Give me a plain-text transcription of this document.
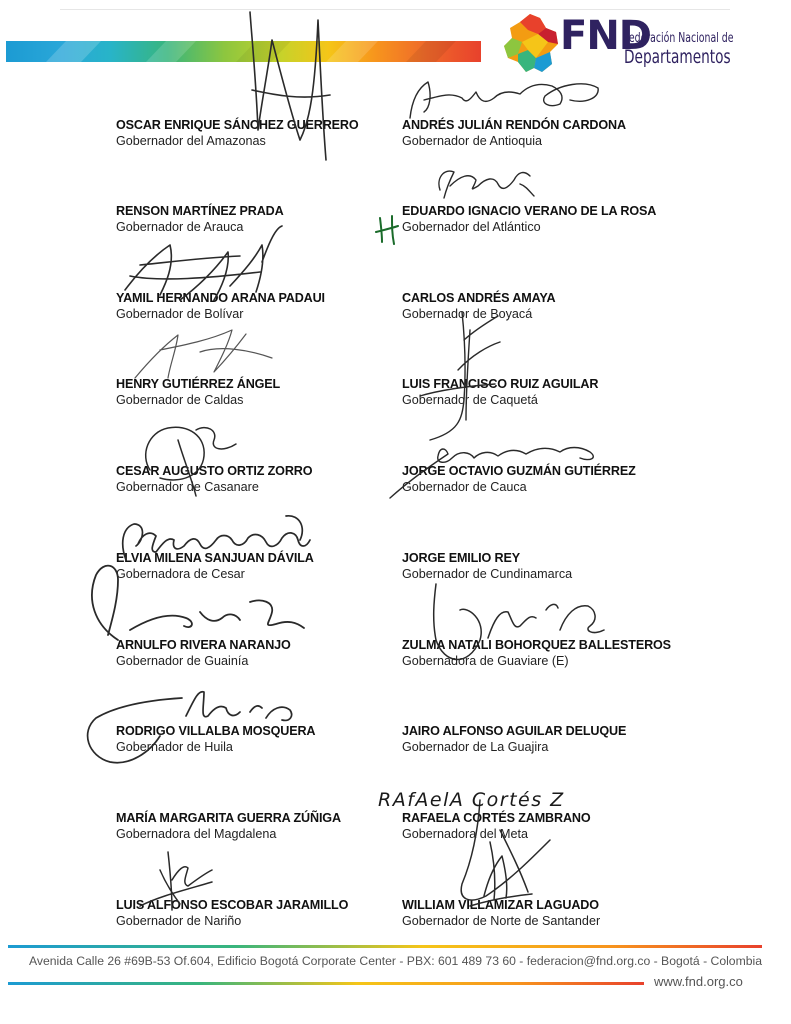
FND
Federación Nacional de
Departamentos
OSCAR ENRIQUE SÁNCHEZ GUERRERO
Gobernador del Amazonas
ANDRÉS JULIÁN RENDÓN CARDONA
Gobernador de Antioquia
RENSON MARTÍNEZ PRADA
Gobernador de Arauca
EDUARDO IGNACIO VERANO DE LA ROSA
Gobernador del Atlántico
YAMIL HERNANDO ARANA PADAUI
Gobernador de Bolívar
CARLOS ANDRÉS AMAYA
Gobernador de Boyacá
HENRY GUTIÉRREZ ÁNGEL
Gobernador de Caldas
LUIS FRANCISCO RUIZ AGUILAR
Gobernador de Caquetá
CESAR AUGUSTO ORTIZ ZORRO
Gobernador de Casanare
JORGE OCTAVIO GUZMÁN GUTIÉRREZ
Gobernador de Cauca
ELVIA MILENA SANJUAN DÁVILA
Gobernadora de Cesar
JORGE EMILIO REY
Gobernador de Cundinamarca
ARNULFO RIVERA NARANJO
Gobernador de Guainía
ZULMA NATALI BOHORQUEZ BALLESTEROS
Gobernadora de Guaviare (E)
RODRIGO VILLALBA MOSQUERA
Gobernador de Huila
JAIRO ALFONSO AGUILAR DELUQUE
Gobernador de La Guajira
MARÍA MARGARITA GUERRA ZÚÑIGA
Gobernadora del Magdalena
RAFAELA CORTÉS ZAMBRANO
Gobernadora del Meta
LUIS ALFONSO ESCOBAR JARAMILLO
Gobernador de Nariño
WILLIAM VILLAMIZAR LAGUADO
Gobernador de Norte de Santander
RAfAelA Cortés Z
Avenida Calle 26 #69B-53 Of.604, Edificio Bogotá Corporate Center - PBX: 601 489 73 60 - federacion@fnd.org.co - Bogotá - Colombia
www.fnd.org.co
